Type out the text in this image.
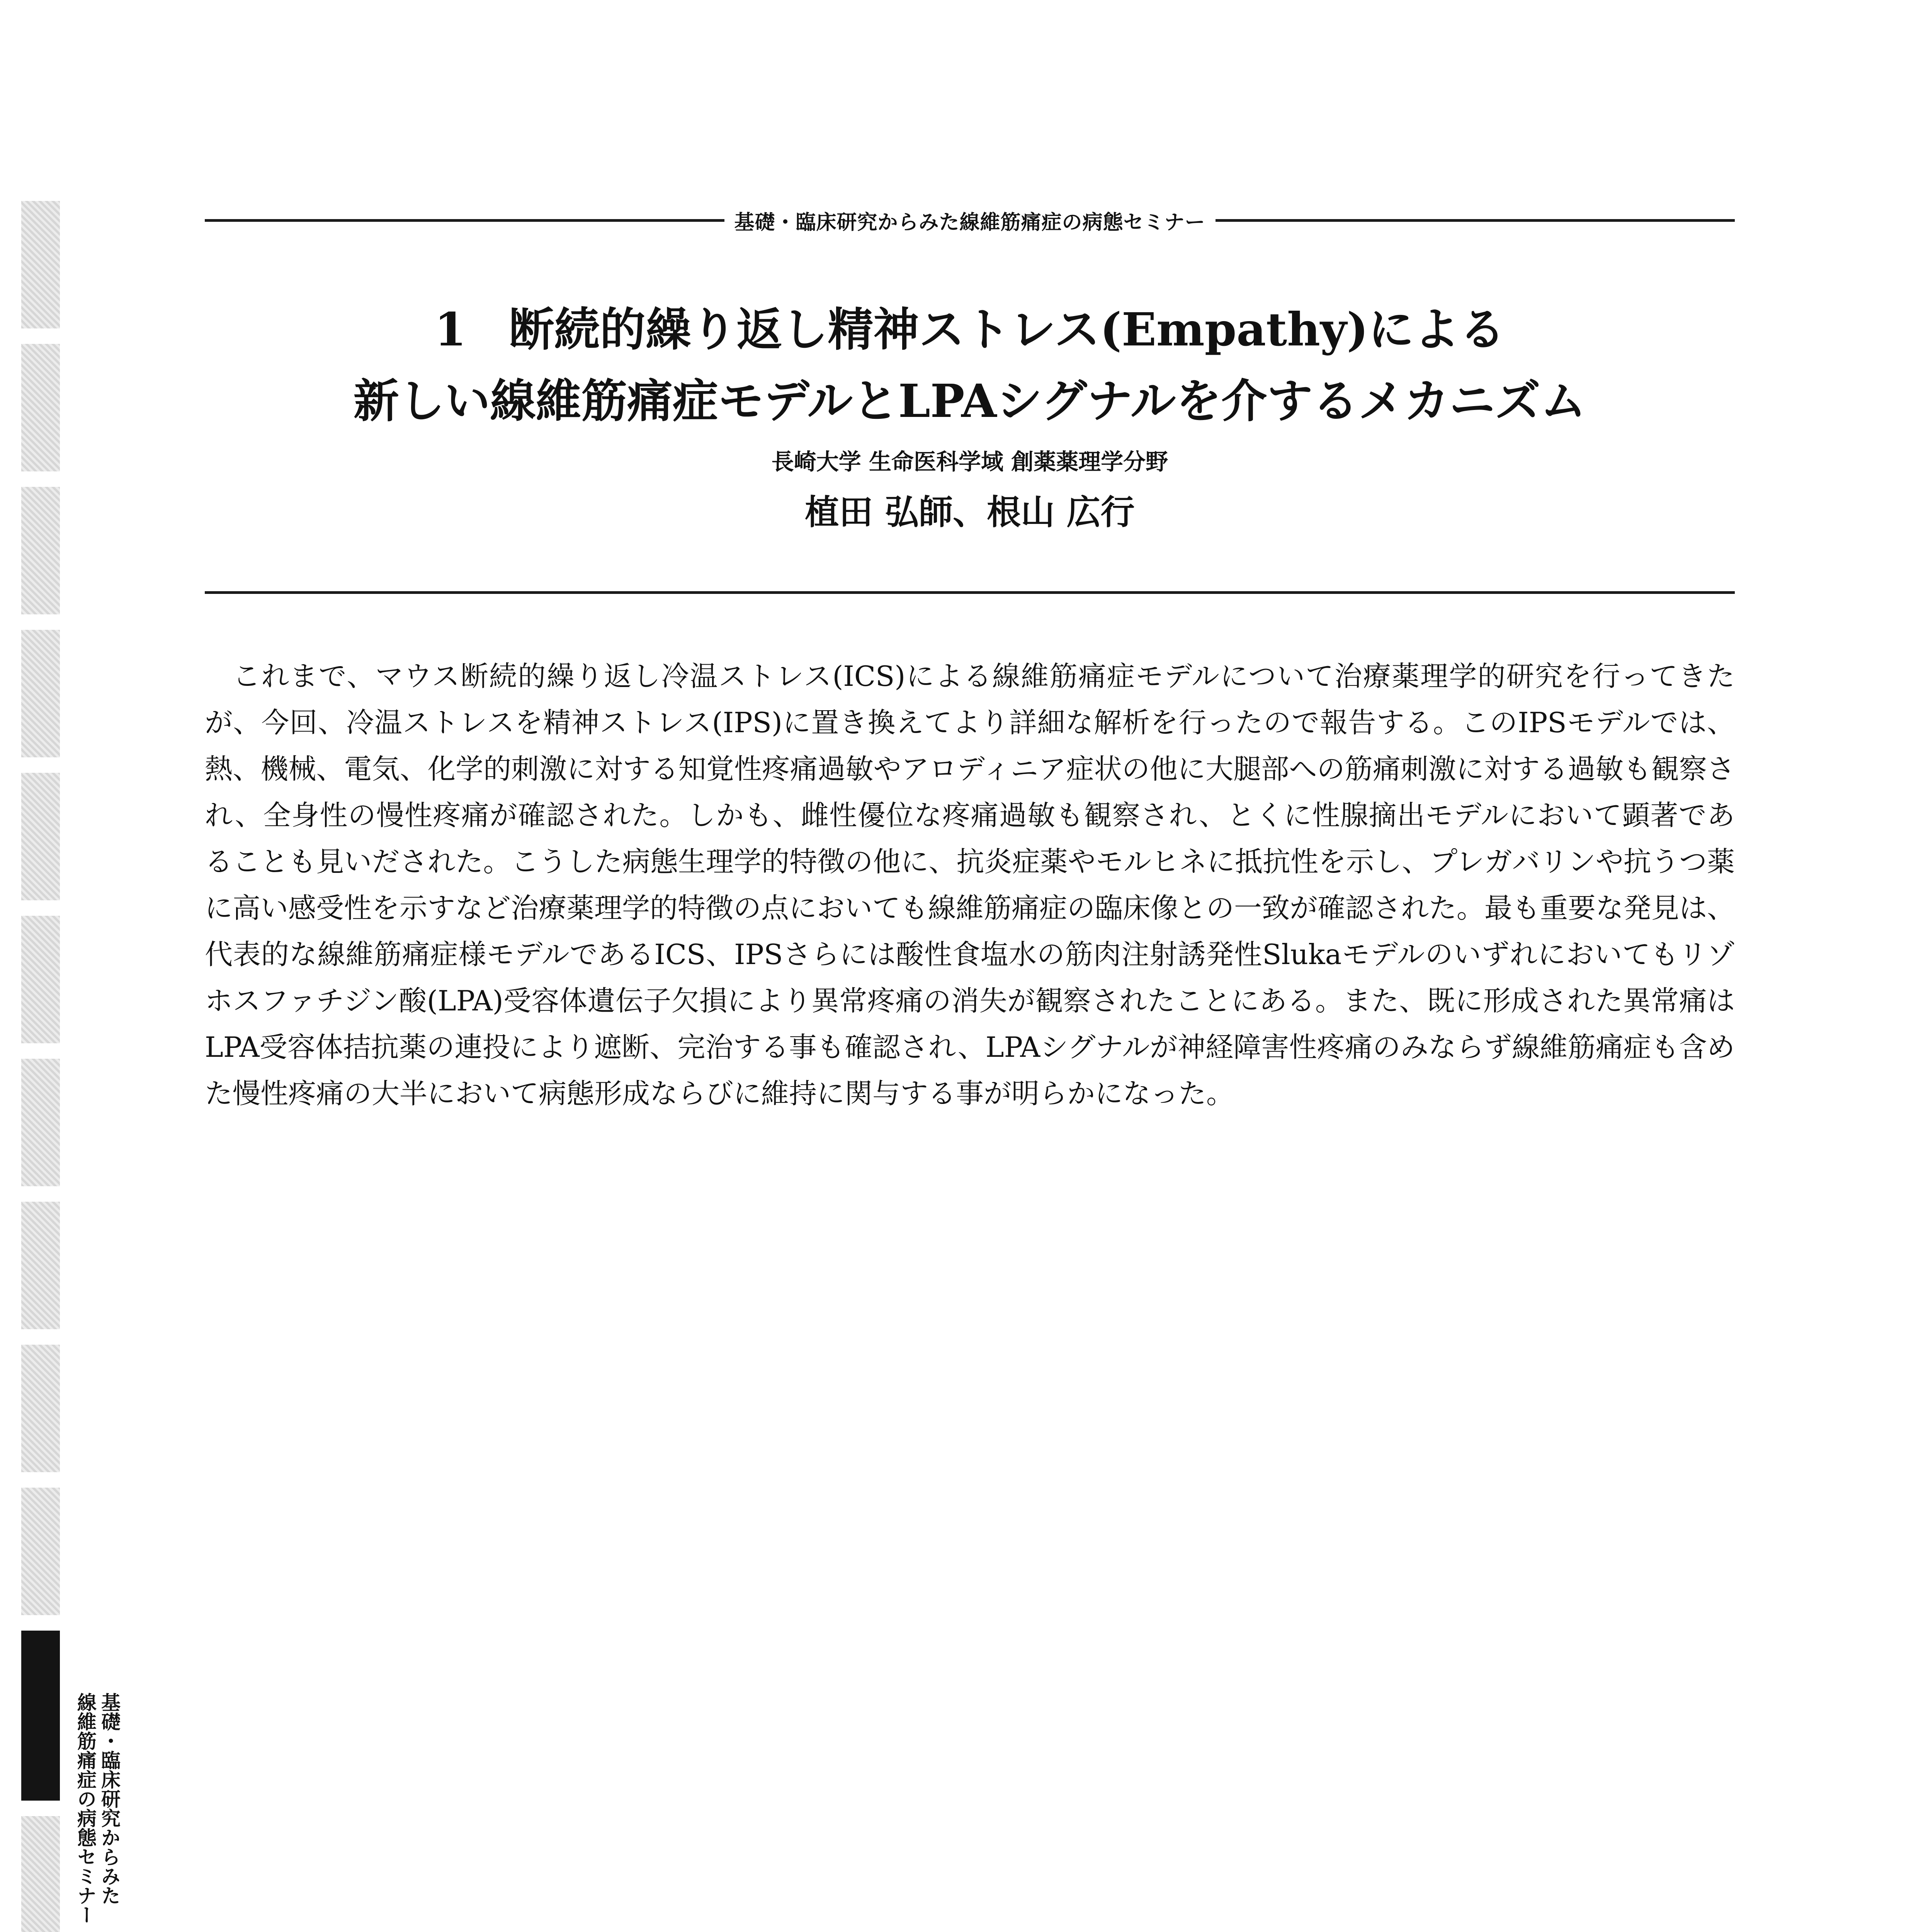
基礎・臨床研究からみた線維筋痛症の病態セミナー
1 断続的繰り返し精神ストレス(Empathy)による
新しい線維筋痛症モデルとLPAシグナルを介するメカニズム
長崎大学 生命医科学域 創薬薬理学分野
植田 弘師、根山 広行

これまで、マウス断続的繰り返し冷温ストレス(ICS)による線維筋痛症モデルについて治療薬理学的研究を行ってきたが、今回、冷温ストレスを精神ストレス(IPS)に置き換えてより詳細な解析を行ったので報告する。このIPSモデルでは、熱、機械、電気、化学的刺激に対する知覚性疼痛過敏やアロディニア症状の他に大腿部への筋痛刺激に対する過敏も観察され、全身性の慢性疼痛が確認された。しかも、雌性優位な疼痛過敏も観察され、とくに性腺摘出モデルにおいて顕著であることも見いだされた。こうした病態生理学的特徴の他に、抗炎症薬やモルヒネに抵抗性を示し、プレガバリンや抗うつ薬に高い感受性を示すなど治療薬理学的特徴の点においても線維筋痛症の臨床像との一致が確認された。最も重要な発見は、代表的な線維筋痛症様モデルであるICS、IPSさらには酸性食塩水の筋肉注射誘発性Slukaモデルのいずれにおいてもリゾホスファチジン酸(LPA)受容体遺伝子欠損により異常疼痛の消失が観察されたことにある。また、既に形成された異常痛はLPA受容体拮抗薬の連投により遮断、完治する事も確認され、LPAシグナルが神経障害性疼痛のみならず線維筋痛症も含めた慢性疼痛の大半において病態形成ならびに維持に関与する事が明らかになった。

基礎・臨床研究からみた
線維筋痛症の病態セミナー
